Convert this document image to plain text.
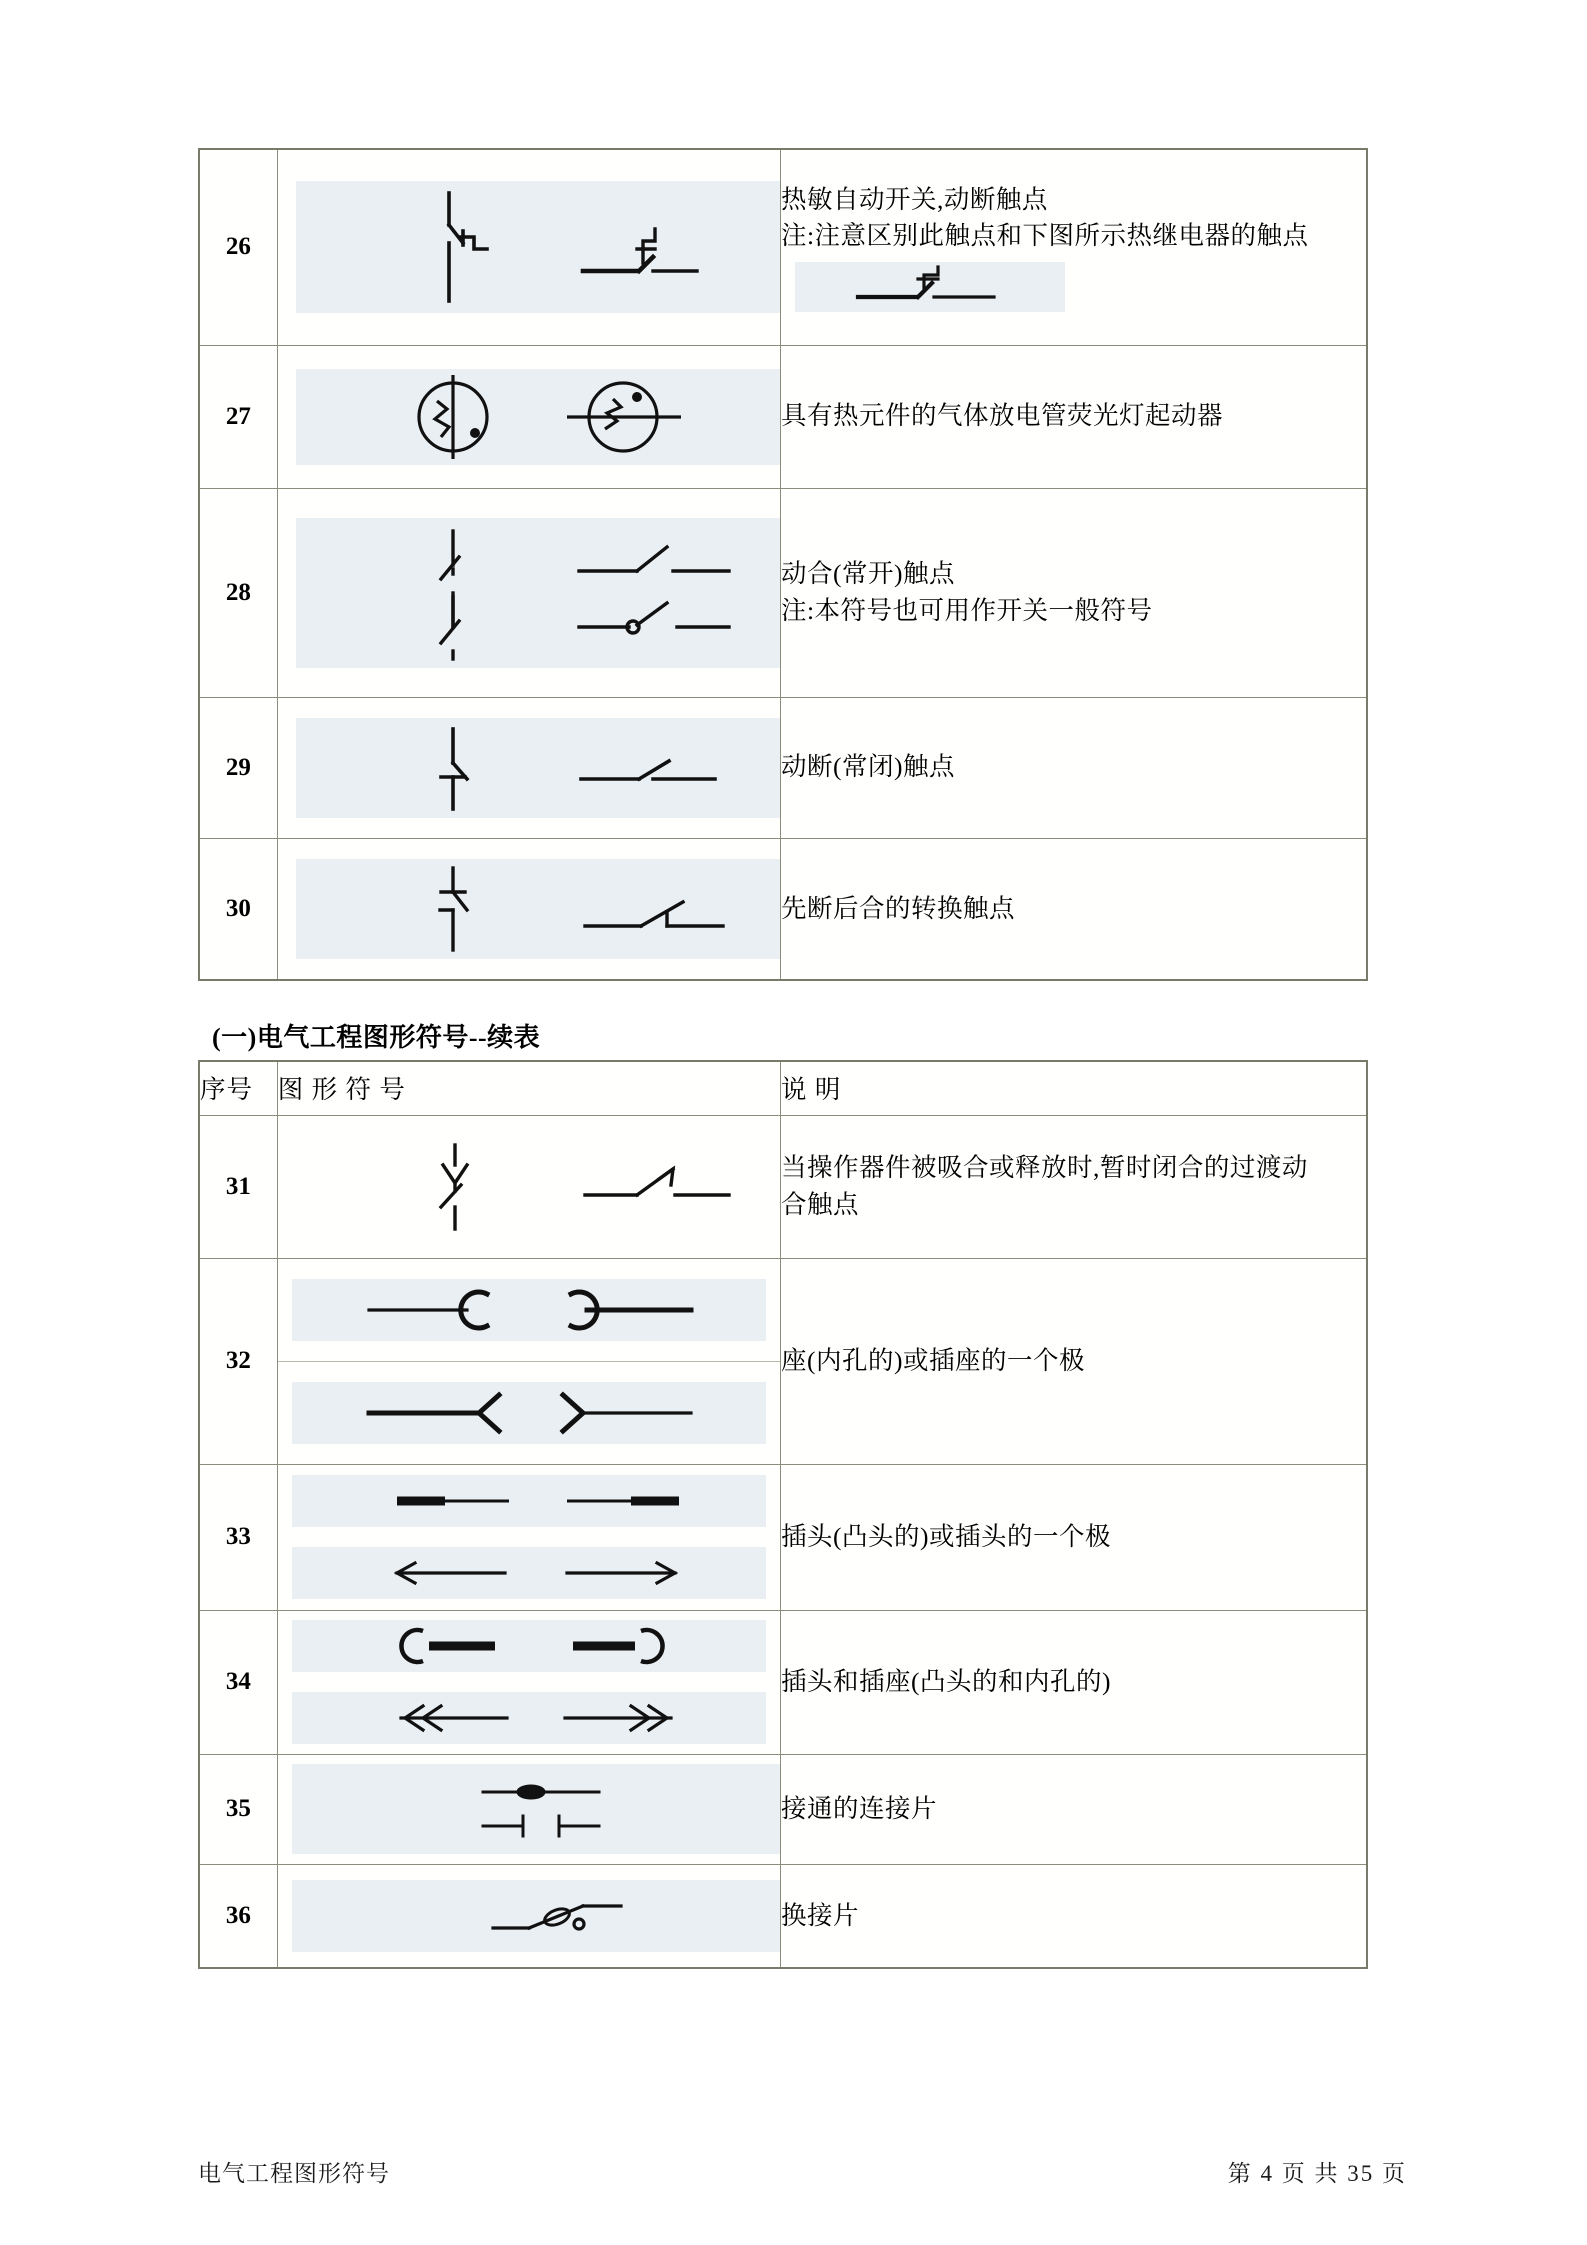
26		热敏自动开关,动断触点
注:注意区别此触点和下图所示热继电器的触点

27		具有热元件的气体放电管荧光灯起动器

28		动合(常开)触点
注:本符号也可用作开关一般符号

29		动断(常闭)触点

30		先断后合的转换触点
(一)电气工程图形符号--续表
序号	图 形 符 号	说 明
31		当操作器件被吸合或释放时,暂时闭合的过渡动
合触点

32		座(内孔的)或插座的一个极

33		插头(凸头的)或插头的一个极

34		插头和插座(凸头的和内孔的)

35		接通的连接片

36		换接片
电气工程图形符号	第 4 页 共 35 页
